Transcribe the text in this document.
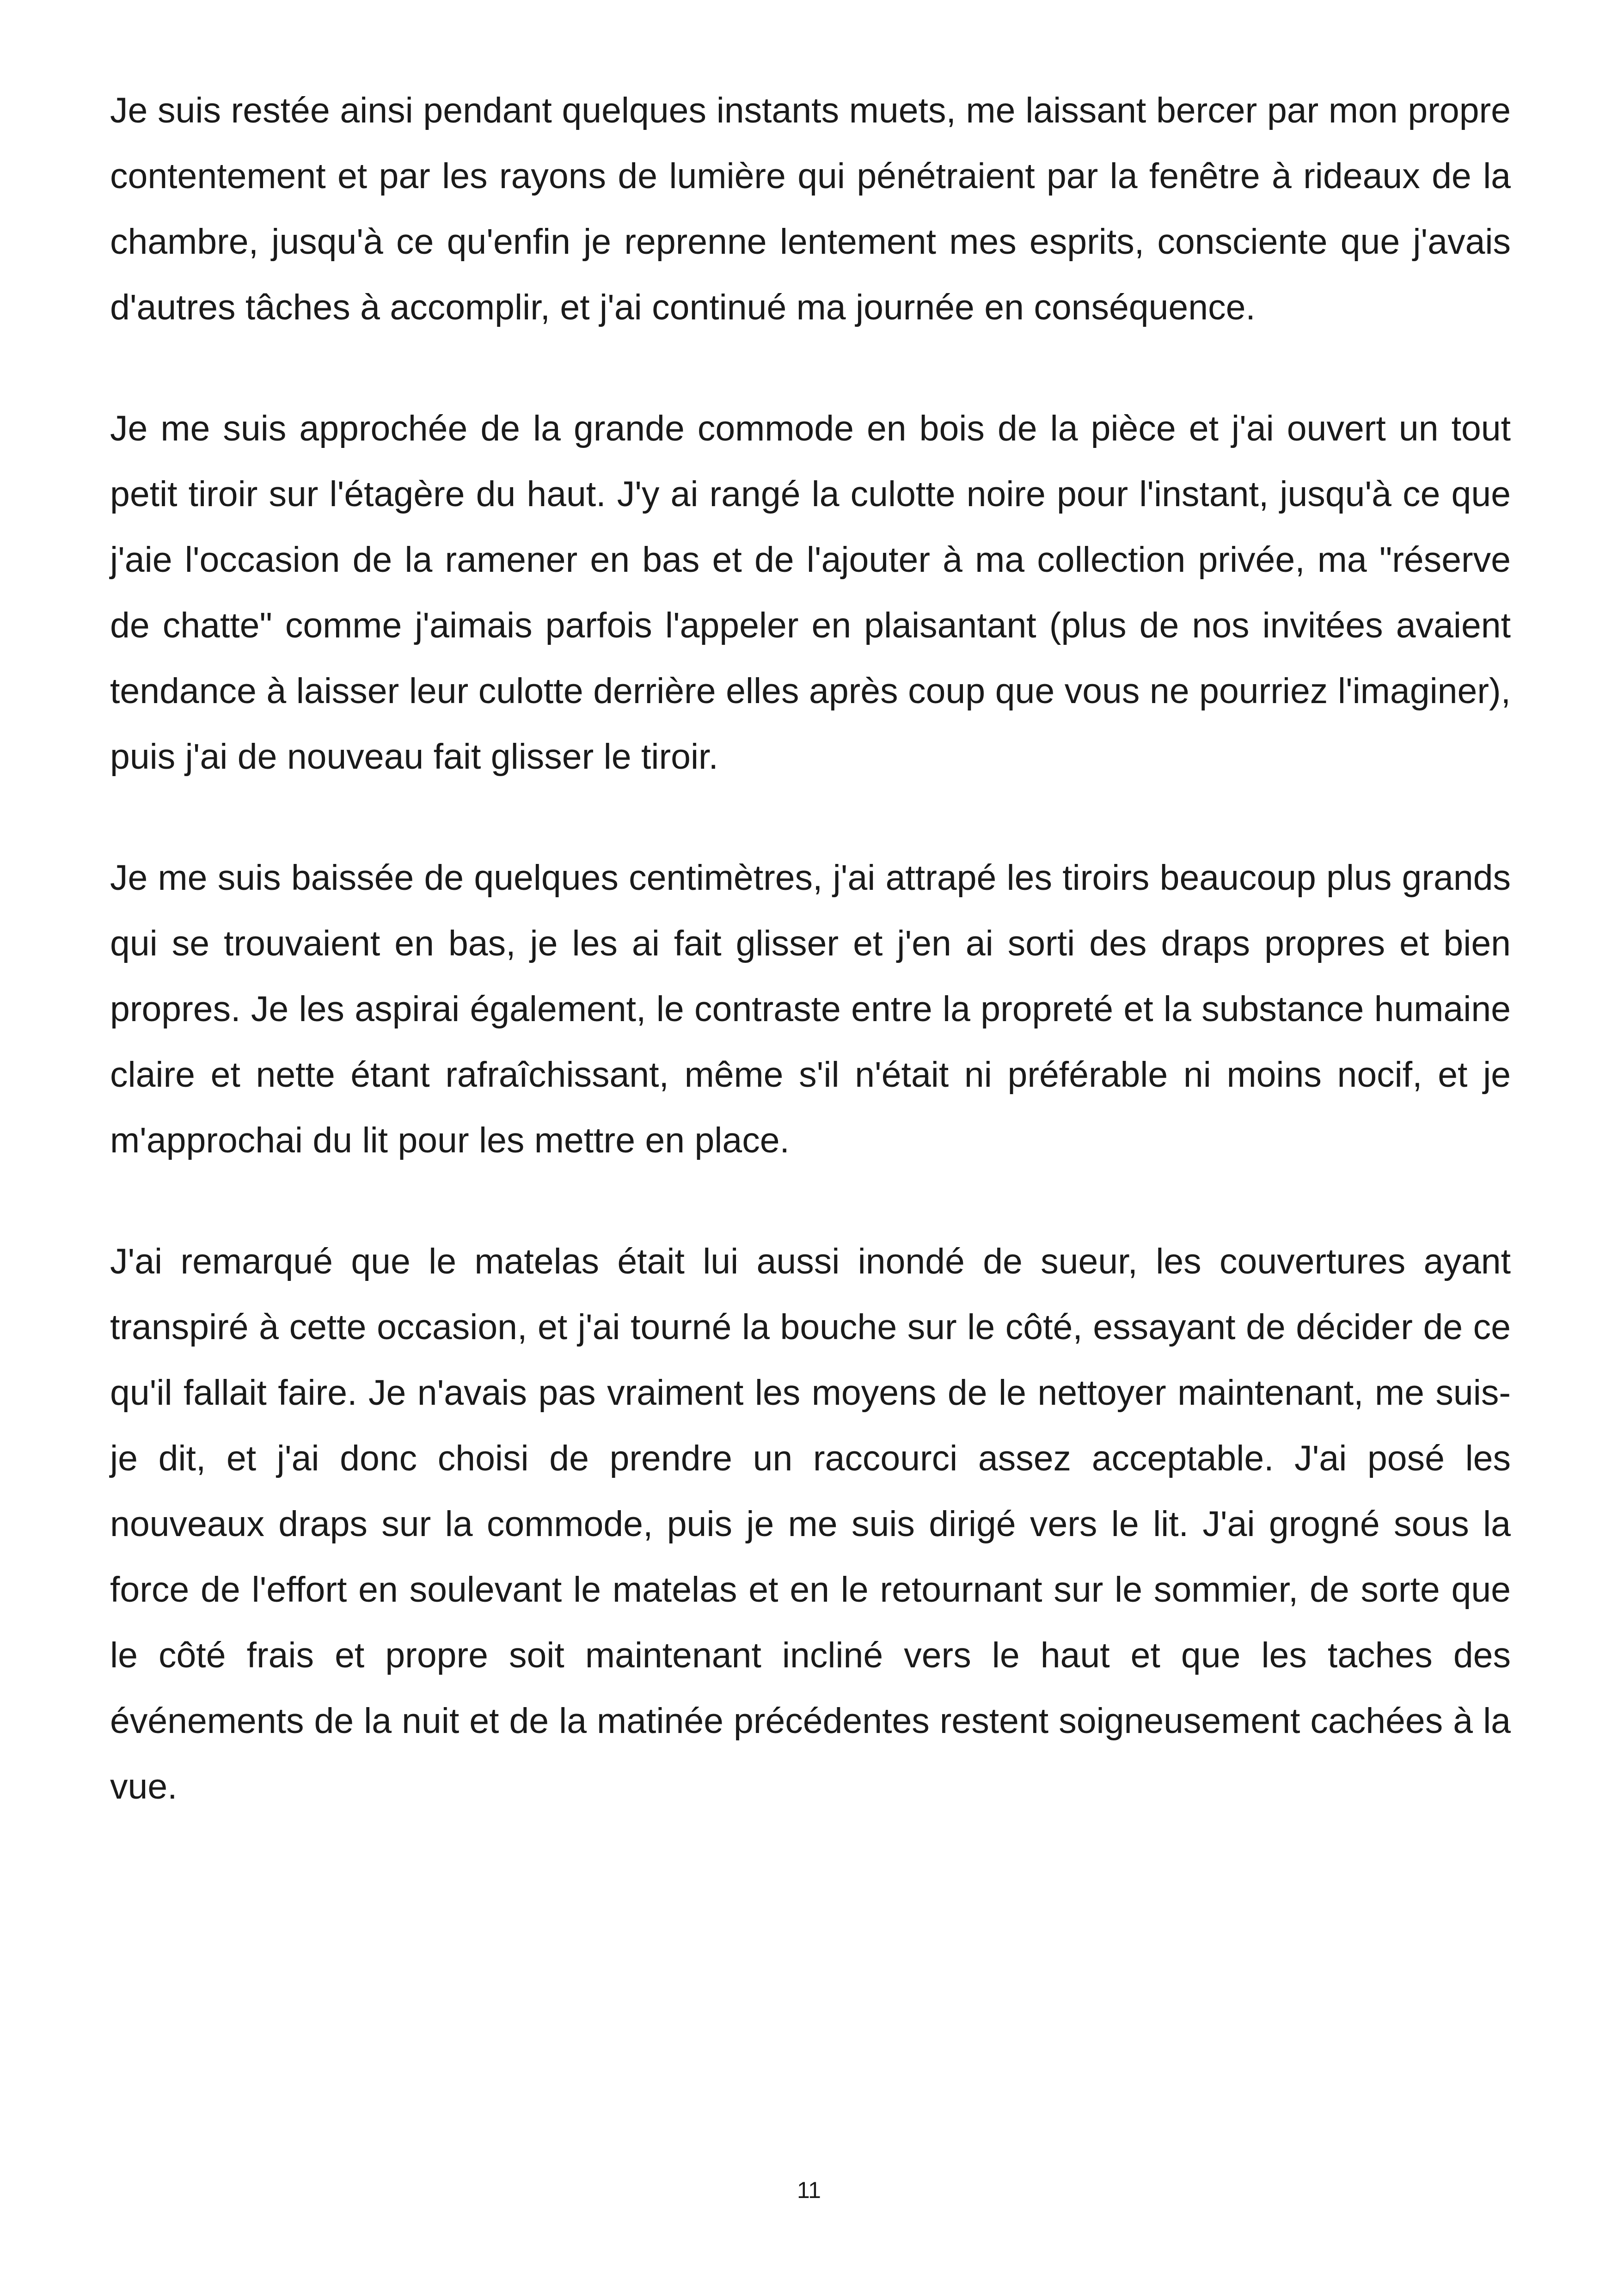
Je suis restée ainsi pendant quelques instants muets, me laissant bercer par mon propre contentement et par les rayons de lumière qui pénétraient par la fenêtre à rideaux de la chambre, jusqu'à ce qu'enfin je reprenne lentement mes esprits, consciente que j'avais d'autres tâches à accomplir, et j'ai continué ma journée en conséquence.

Je me suis approchée de la grande commode en bois de la pièce et j'ai ouvert un tout petit tiroir sur l'étagère du haut. J'y ai rangé la culotte noire pour l'instant, jusqu'à ce que j'aie l'occasion de la ramener en bas et de l'ajouter à ma collection privée, ma "réserve de chatte" comme j'aimais parfois l'appeler en plaisantant (plus de nos invitées avaient tendance à laisser leur culotte derrière elles après coup que vous ne pourriez l'imaginer), puis j'ai de nouveau fait glisser le tiroir.

Je me suis baissée de quelques centimètres, j'ai attrapé les tiroirs beaucoup plus grands qui se trouvaient en bas, je les ai fait glisser et j'en ai sorti des draps propres et bien propres. Je les aspirai également, le contraste entre la propreté et la substance humaine claire et nette étant rafraîchissant, même s'il n'était ni préférable ni moins nocif, et je m'approchai du lit pour les mettre en place.

J'ai remarqué que le matelas était lui aussi inondé de sueur, les couvertures ayant transpiré à cette occasion, et j'ai tourné la bouche sur le côté, essayant de décider de ce qu'il fallait faire. Je n'avais pas vraiment les moyens de le nettoyer maintenant, me suis-je dit, et j'ai donc choisi de prendre un raccourci assez acceptable. J'ai posé les nouveaux draps sur la commode, puis je me suis dirigé vers le lit. J'ai grogné sous la force de l'effort en soulevant le matelas et en le retournant sur le sommier, de sorte que le côté frais et propre soit maintenant incliné vers le haut et que les taches des événements de la nuit et de la matinée précédentes restent soigneusement cachées à la vue.

11
